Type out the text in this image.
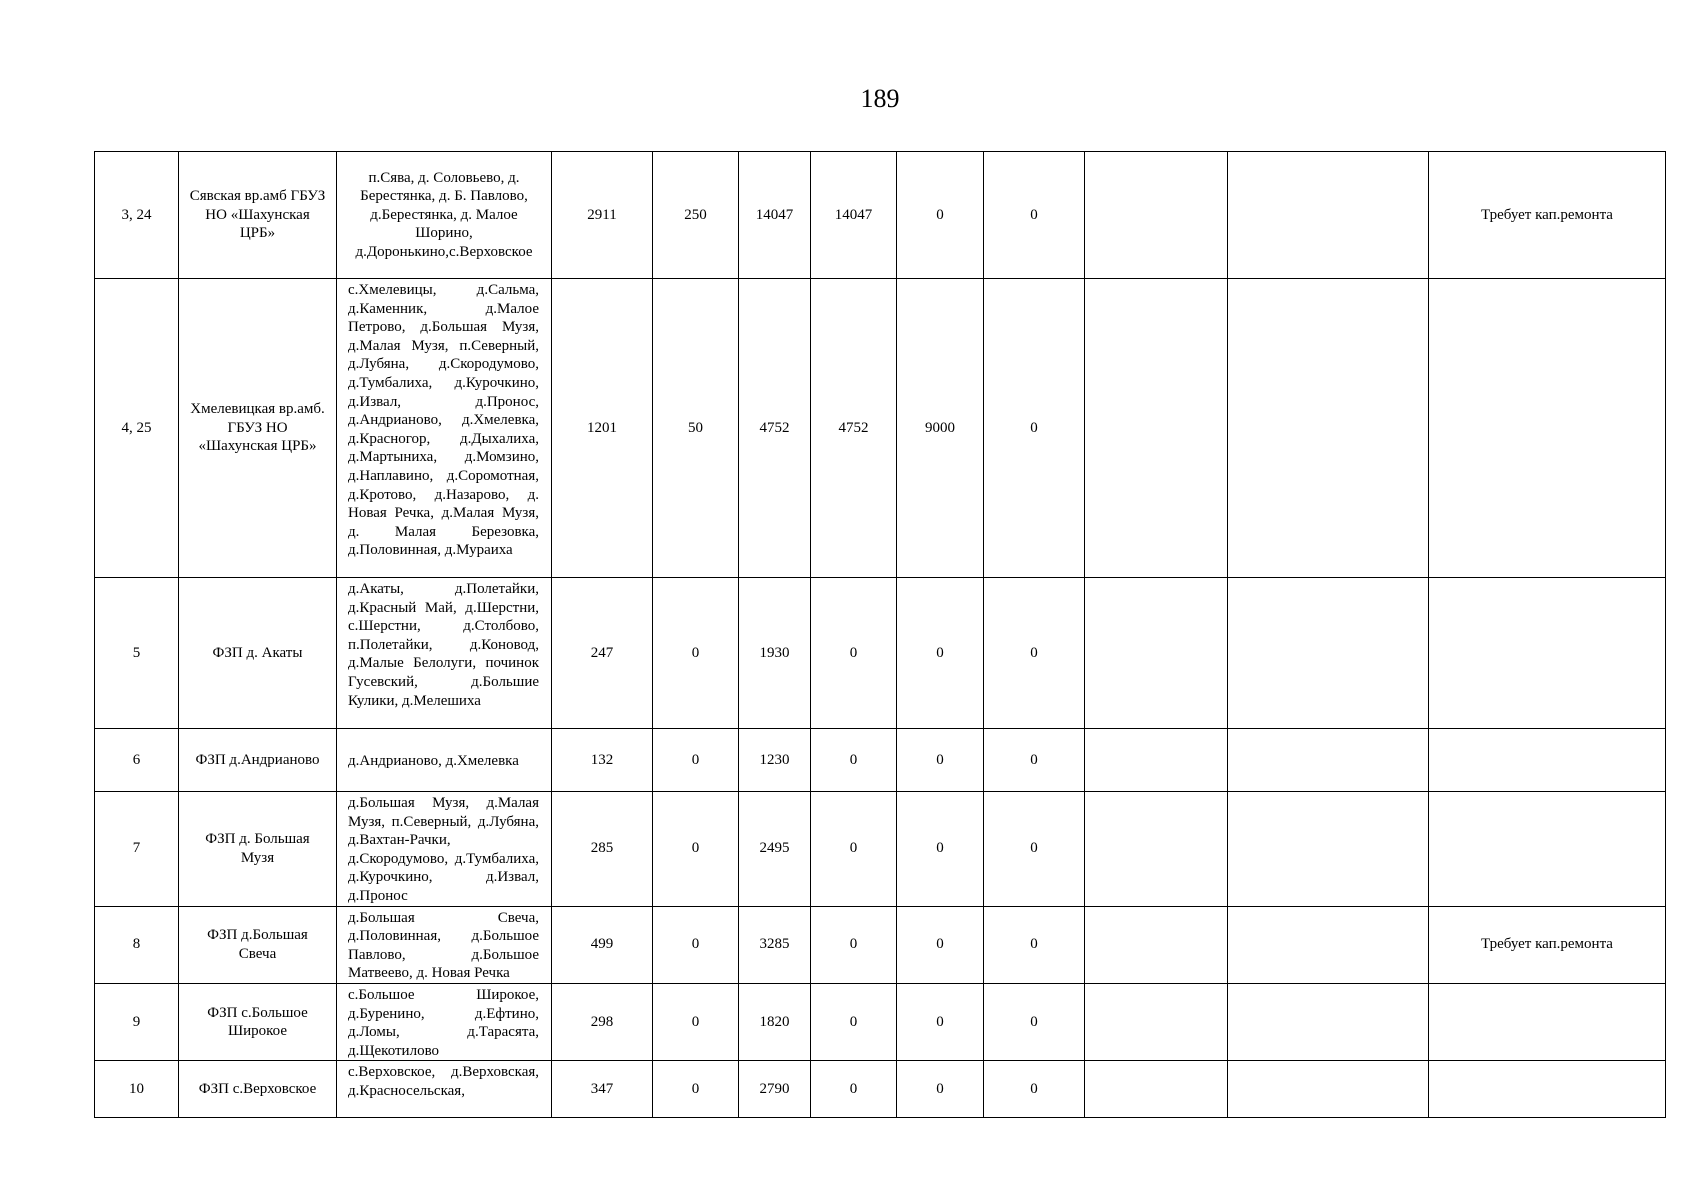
189
3, 24	Сявская вр.амб ГБУЗ НО «Шахунская ЦРБ»	п.Сява, д. Соловьево, д. Берестянка, д. Б. Павлово, д.Берестянка, д. Малое Шорино, д.Доронькино,с.Верховское	2911	250	14047	14047	0	0			Требует кап.ремонта
4, 25	Хмелевицкая вр.амб. ГБУЗ НО «Шахунская ЦРБ»	с.Хмелевицы, д.Сальма, д.Каменник, д.Малое Петрово, д.Большая Музя, д.Малая Музя, п.Северный, д.Лубяна, д.Скородумово, д.Тумбалиха, д.Курочкино, д.Извал, д.Пронос, д.Андрианово, д.Хмелевка, д.Красногор, д.Дыхалиха, д.Мартыниха, д.Момзино, д.Наплавино, д.Соромотная, д.Кротово, д.Назарово, д. Новая Речка, д.Малая Музя, д. Малая Березовка, д.Половинная, д.Мураиха	1201	50	4752	4752	9000	0			
5	ФЗП д. Акаты	д.Акаты, д.Полетайки, д.Красный Май, д.Шерстни, с.Шерстни, д.Столбово, п.Полетайки, д.Коновод, д.Малые Белолуги, починок Гусевский, д.Большие Кулики, д.Мелешиха	247	0	1930	0	0	0			
6	ФЗП д.Андрианово	д.Андрианово, д.Хмелевка	132	0	1230	0	0	0			
7	ФЗП д. Большая Музя	д.Большая Музя, д.Малая Музя, п.Северный, д.Лубяна, д.Вахтан-Рачки, д.Скородумово, д.Тумбалиха, д.Курочкино, д.Извал, д.Пронос	285	0	2495	0	0	0			
8	ФЗП д.Большая Свеча	д.Большая Свеча, д.Половинная, д.Большое Павлово, д.Большое Матвеево, д. Новая Речка	499	0	3285	0	0	0			Требует кап.ремонта
9	ФЗП с.Большое Широкое	с.Большое Широкое, д.Буренино, д.Ефтино, д.Ломы, д.Тарасята, д.Щекотилово	298	0	1820	0	0	0			
10	ФЗП с.Верховское	с.Верховское, д.Верховская, д.Красносельская,	347	0	2790	0	0	0			
